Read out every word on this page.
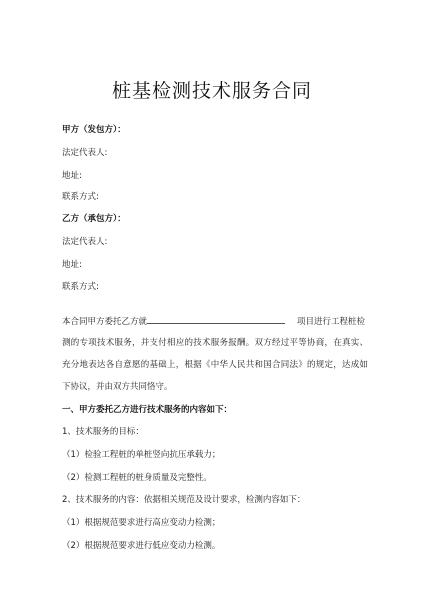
桩基检测技术服务合同
甲方（发包方）：
法定代表人:
地址:
联系方式:
乙方（承包方）：
法定代表人:
地址:
联系方式:
本合同甲方委托乙方就	项目进行工程桩检
测的专项技术服务，并支付相应的技术服务报酬。双方经过平等协商，在真实、
充分地表达各自意愿的基础上，根据《中华人民共和国合同法》的规定，达成如
下协议，并由双方共同恪守。
一、甲方委托乙方进行技术服务的内容如下：
1、技术服务的目标：
（1）检验工程桩的单桩竖向抗压承载力；
（2）检测工程桩的桩身质量及完整性。
2、技术服务的内容：依据相关规范及设计要求，检测内容如下：
（1）根据规范要求进行高应变动力检测；
（2）根据规范要求进行低应变动力检测。
